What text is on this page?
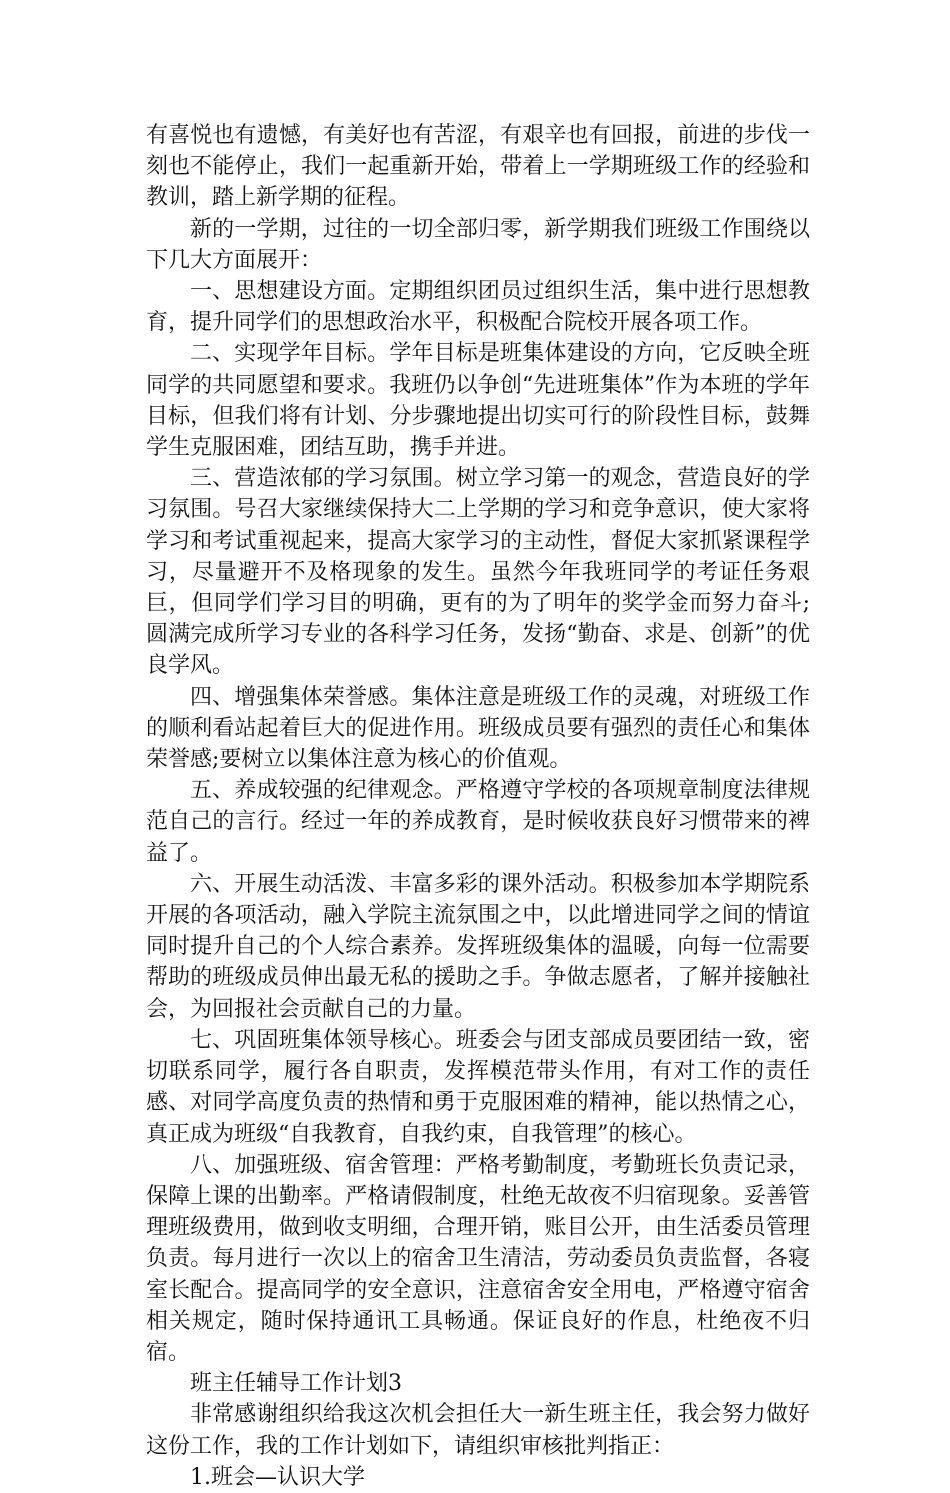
有喜悦也有遗憾，有美好也有苦涩，有艰辛也有回报，前进的步伐一刻也不能停止，我们一起重新开始，带着上一学期班级工作的经验和教训，踏上新学期的征程。

新的一学期，过往的一切全部归零，新学期我们班级工作围绕以下几大方面展开：

一、思想建设方面。定期组织团员过组织生活，集中进行思想教育，提升同学们的思想政治水平，积极配合院校开展各项工作。

二、实现学年目标。学年目标是班集体建设的方向，它反映全班同学的共同愿望和要求。我班仍以争创“先进班集体”作为本班的学年目标，但我们将有计划、分步骤地提出切实可行的阶段性目标，鼓舞学生克服困难，团结互助，携手并进。

三、营造浓郁的学习氛围。树立学习第一的观念，营造良好的学习氛围。号召大家继续保持大二上学期的学习和竞争意识，使大家将学习和考试重视起来，提高大家学习的主动性，督促大家抓紧课程学习，尽量避开不及格现象的发生。虽然今年我班同学的考证任务艰巨，但同学们学习目的明确，更有的为了明年的奖学金而努力奋斗;圆满完成所学习专业的各科学习任务，发扬“勤奋、求是、创新”的优良学风。

四、增强集体荣誉感。集体注意是班级工作的灵魂，对班级工作的顺利看站起着巨大的促进作用。班级成员要有强烈的责任心和集体荣誉感;要树立以集体注意为核心的价值观。

五、养成较强的纪律观念。严格遵守学校的各项规章制度法律规范自己的言行。经过一年的养成教育，是时候收获良好习惯带来的裨益了。

六、开展生动活泼、丰富多彩的课外活动。积极参加本学期院系开展的各项活动，融入学院主流氛围之中，以此增进同学之间的情谊同时提升自己的个人综合素养。发挥班级集体的温暖，向每一位需要帮助的班级成员伸出最无私的援助之手。争做志愿者，了解并接触社会，为回报社会贡献自己的力量。

七、巩固班集体领导核心。班委会与团支部成员要团结一致，密切联系同学，履行各自职责，发挥模范带头作用，有对工作的责任感、对同学高度负责的热情和勇于克服困难的精神，能以热情之心，真正成为班级“自我教育，自我约束，自我管理”的核心。

八、加强班级、宿舍管理：严格考勤制度，考勤班长负责记录，保障上课的出勤率。严格请假制度，杜绝无故夜不归宿现象。妥善管理班级费用，做到收支明细，合理开销，账目公开，由生活委员管理负责。每月进行一次以上的宿舍卫生清洁，劳动委员负责监督，各寝室长配合。提高同学的安全意识，注意宿舍安全用电，严格遵守宿舍相关规定，随时保持通讯工具畅通。保证良好的作息，杜绝夜不归宿。

班主任辅导工作计划3

非常感谢组织给我这次机会担任大一新生班主任，我会努力做好这份工作，我的工作计划如下，请组织审核批判指正：

1.班会—认识大学
